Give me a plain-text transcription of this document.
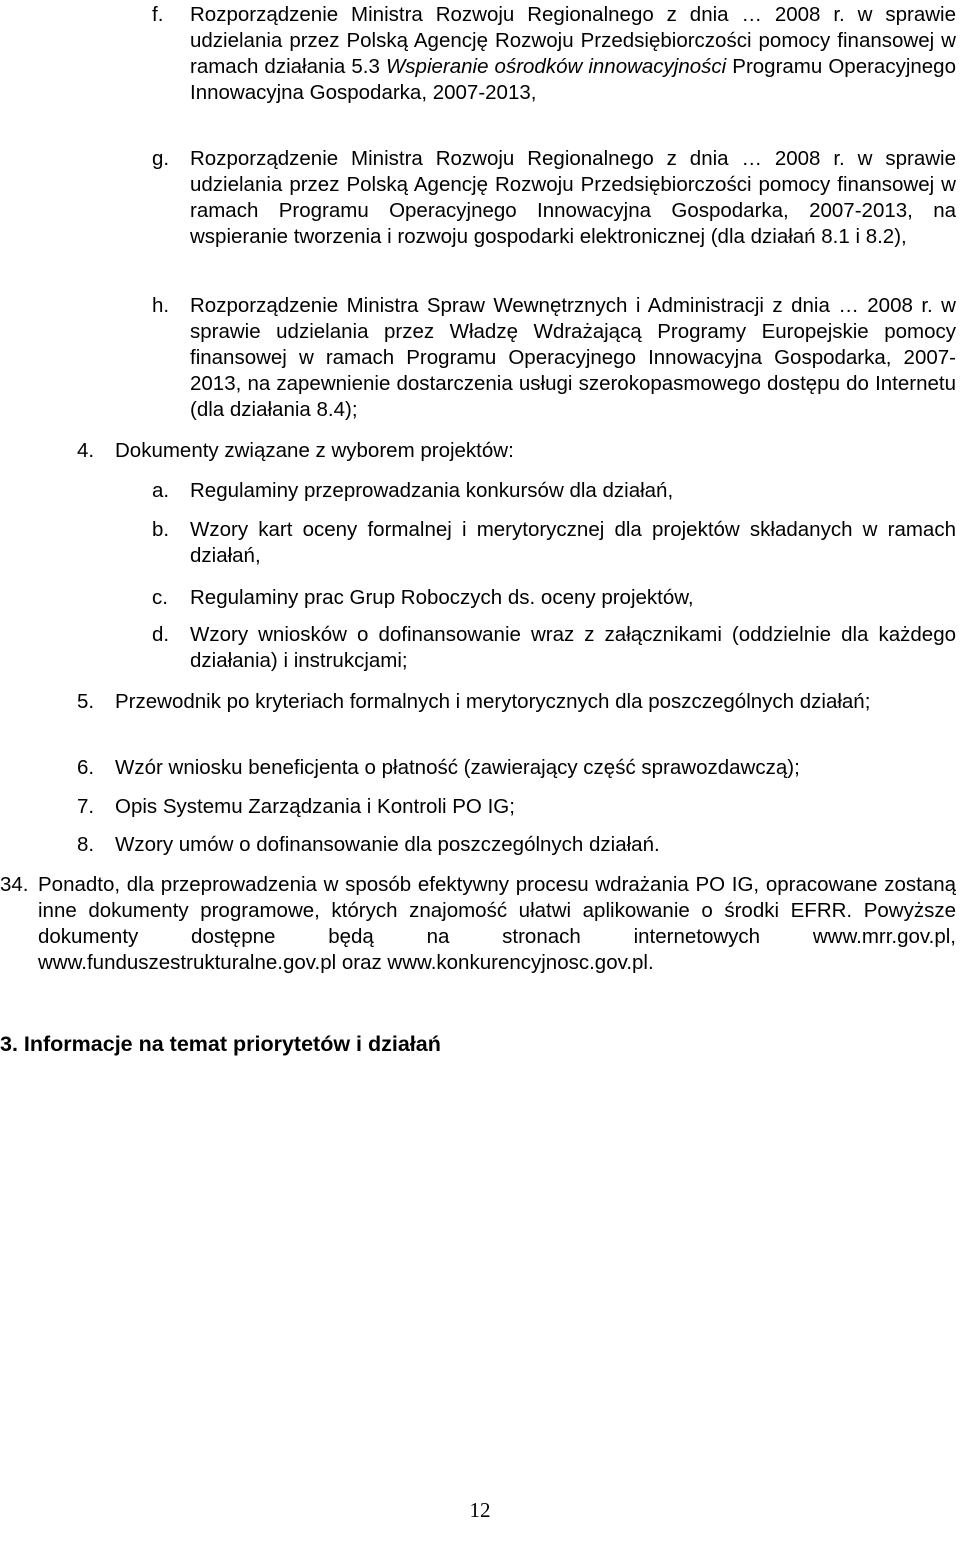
f.	Rozporządzenie Ministra Rozwoju Regionalnego z dnia … 2008 r. w sprawie udzielania przez Polską Agencję Rozwoju Przedsiębiorczości pomocy finansowej w ramach działania 5.3 Wspieranie ośrodków innowacyjności Programu Operacyjnego Innowacyjna Gospodarka, 2007-2013,
g.	Rozporządzenie Ministra Rozwoju Regionalnego z dnia … 2008 r. w sprawie udzielania przez Polską Agencję Rozwoju Przedsiębiorczości pomocy finansowej w ramach Programu Operacyjnego Innowacyjna Gospodarka, 2007-2013, na wspieranie tworzenia i rozwoju gospodarki elektronicznej (dla działań 8.1 i 8.2),
h.	Rozporządzenie Ministra Spraw Wewnętrznych i Administracji z dnia … 2008 r. w sprawie udzielania przez Władzę Wdrażającą Programy Europejskie pomocy finansowej w ramach Programu Operacyjnego Innowacyjna Gospodarka, 2007-2013, na zapewnienie dostarczenia usługi szerokopasmowego dostępu do Internetu (dla działania 8.4);
4.	Dokumenty związane z wyborem projektów:
a.	Regulaminy przeprowadzania konkursów dla działań,
b.	Wzory kart oceny formalnej i merytorycznej dla projektów składanych w ramach działań,
c.	Regulaminy prac Grup Roboczych ds. oceny projektów,
d.	Wzory wniosków o dofinansowanie wraz z załącznikami (oddzielnie dla każdego działania) i instrukcjami;
5.	Przewodnik po kryteriach formalnych i merytorycznych dla poszczególnych działań;
6.	Wzór wniosku beneficjenta o płatność (zawierający część sprawozdawczą);
7.	Opis Systemu Zarządzania i Kontroli PO IG;
8.	Wzory umów o dofinansowanie dla poszczególnych działań.
34. Ponadto, dla przeprowadzenia w sposób efektywny procesu wdrażania PO IG, opracowane zostaną inne dokumenty programowe, których znajomość ułatwi aplikowanie o środki EFRR. Powyższe dokumenty dostępne będą na stronach internetowych www.mrr.gov.pl, www.funduszestrukturalne.gov.pl oraz www.konkurencyjnosc.gov.pl.
3. Informacje na temat priorytetów i działań
12
